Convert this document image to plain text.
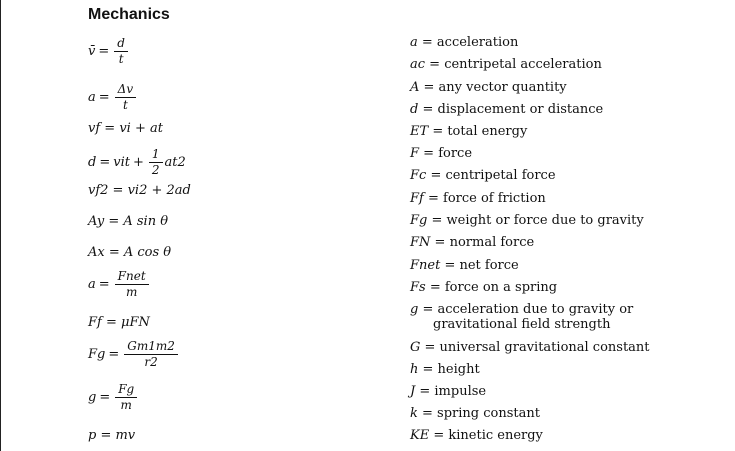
Mechanics
v̄ = $\frac{d}{t}$
$a = \frac{\Delta v}{t}$
vf = vi + at
d = vit + $\frac{1}{2} at2$
vf2 = vi2 + 2ad
Ay = A sin θ
Ax = A cos θ
$a = \frac{\text{Fnet}}{m}$
Ff = μFN
$Fg = \frac{Gm1m2}{r2}$
$g = \frac{Fg}{m}$
p = mv
a = acceleration
ac = centripetal acceleration
A = any vector quantity
d = displacement or distance
ET = total energy
F = force
Fc = centripetal force
Ff = force of friction
Fg = weight or force due to gravity
FN = normal force
Fnet = net force
Fs = force on a spring
g = acceleration due to gravity or
gravitational field strength
G = universal gravitational constant
h = height
J = impulse
k = spring constant
KE = kinetic energy
